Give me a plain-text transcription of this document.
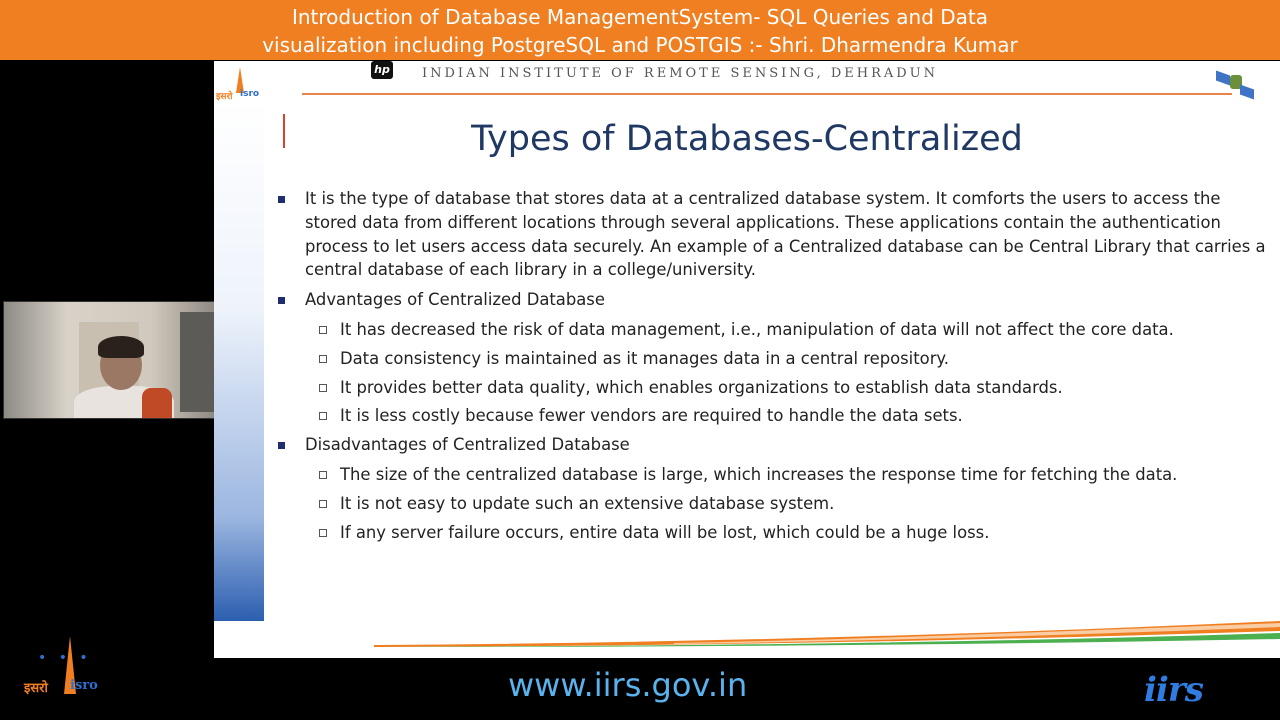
Introduction of Database ManagementSystem- SQL Queries and Data
visualization including PostgreSQL and POSTGIS :- Shri. Dharmendra Kumar
• • •
इसरो isro
इसरो isro
hp INDIAN INSTITUTE OF REMOTE SENSING, DEHRADUN
Types of Databases-Centralized
It is the type of database that stores data at a centralized database system. It comforts the users to access the stored data from different locations through several applications. These applications contain the authentication process to let users access data securely. An example of a Centralized database can be Central Library that carries a central database of each library in a college/university.
Advantages of Centralized Database
It has decreased the risk of data management, i.e., manipulation of data will not affect the core data.
Data consistency is maintained as it manages data in a central repository.
It provides better data quality, which enables organizations to establish data standards.
It is less costly because fewer vendors are required to handle the data sets.
Disadvantages of Centralized Database
The size of the centralized database is large, which increases the response time for fetching the data.
It is not easy to update such an extensive database system.
If any server failure occurs, entire data will be lost, which could be a huge loss.
www.iirs.gov.in	iirs
